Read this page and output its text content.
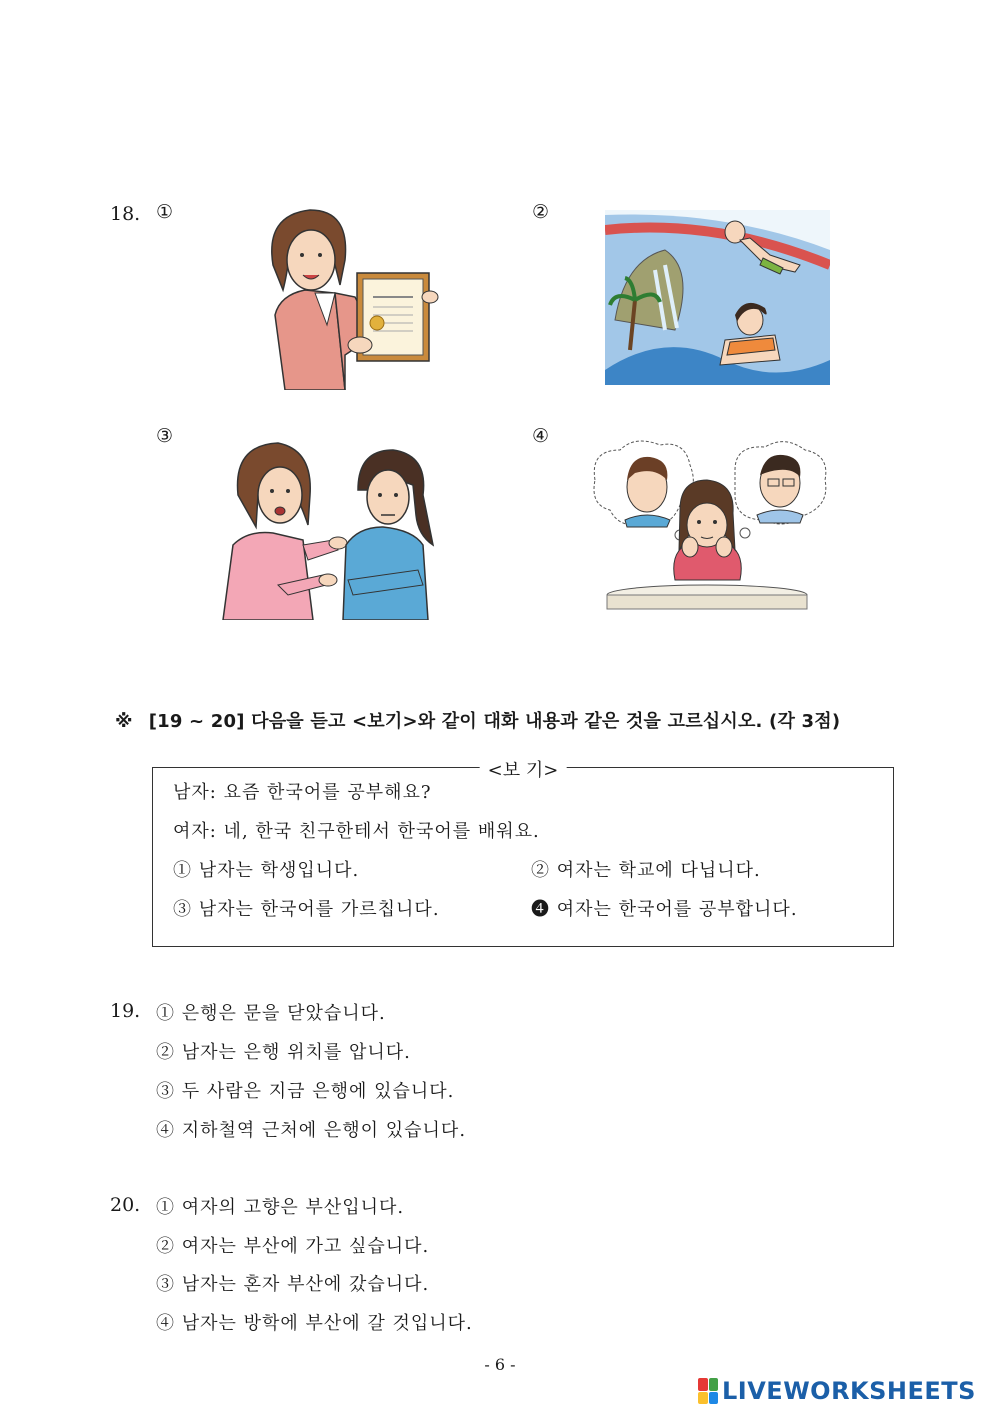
18. ①	②
③	④
※ [19 ~ 20] 다음을 듣고 <보기>와 같이 대화 내용과 같은 것을 고르십시오. (각 3점)
<보 기>
남자: 요즘 한국어를 공부해요?
여자: 네, 한국 친구한테서 한국어를 배워요.
① 남자는 학생입니다.	② 여자는 학교에 다닙니다.
③ 남자는 한국어를 가르칩니다.	❹ 여자는 한국어를 공부합니다.
19. ① 은행은 문을 닫았습니다.
② 남자는 은행 위치를 압니다.
③ 두 사람은 지금 은행에 있습니다.
④ 지하철역 근처에 은행이 있습니다.
20. ① 여자의 고향은 부산입니다.
② 여자는 부산에 가고 싶습니다.
③ 남자는 혼자 부산에 갔습니다.
④ 남자는 방학에 부산에 갈 것입니다.
- 6 -
LIVEWORKSHEETS
